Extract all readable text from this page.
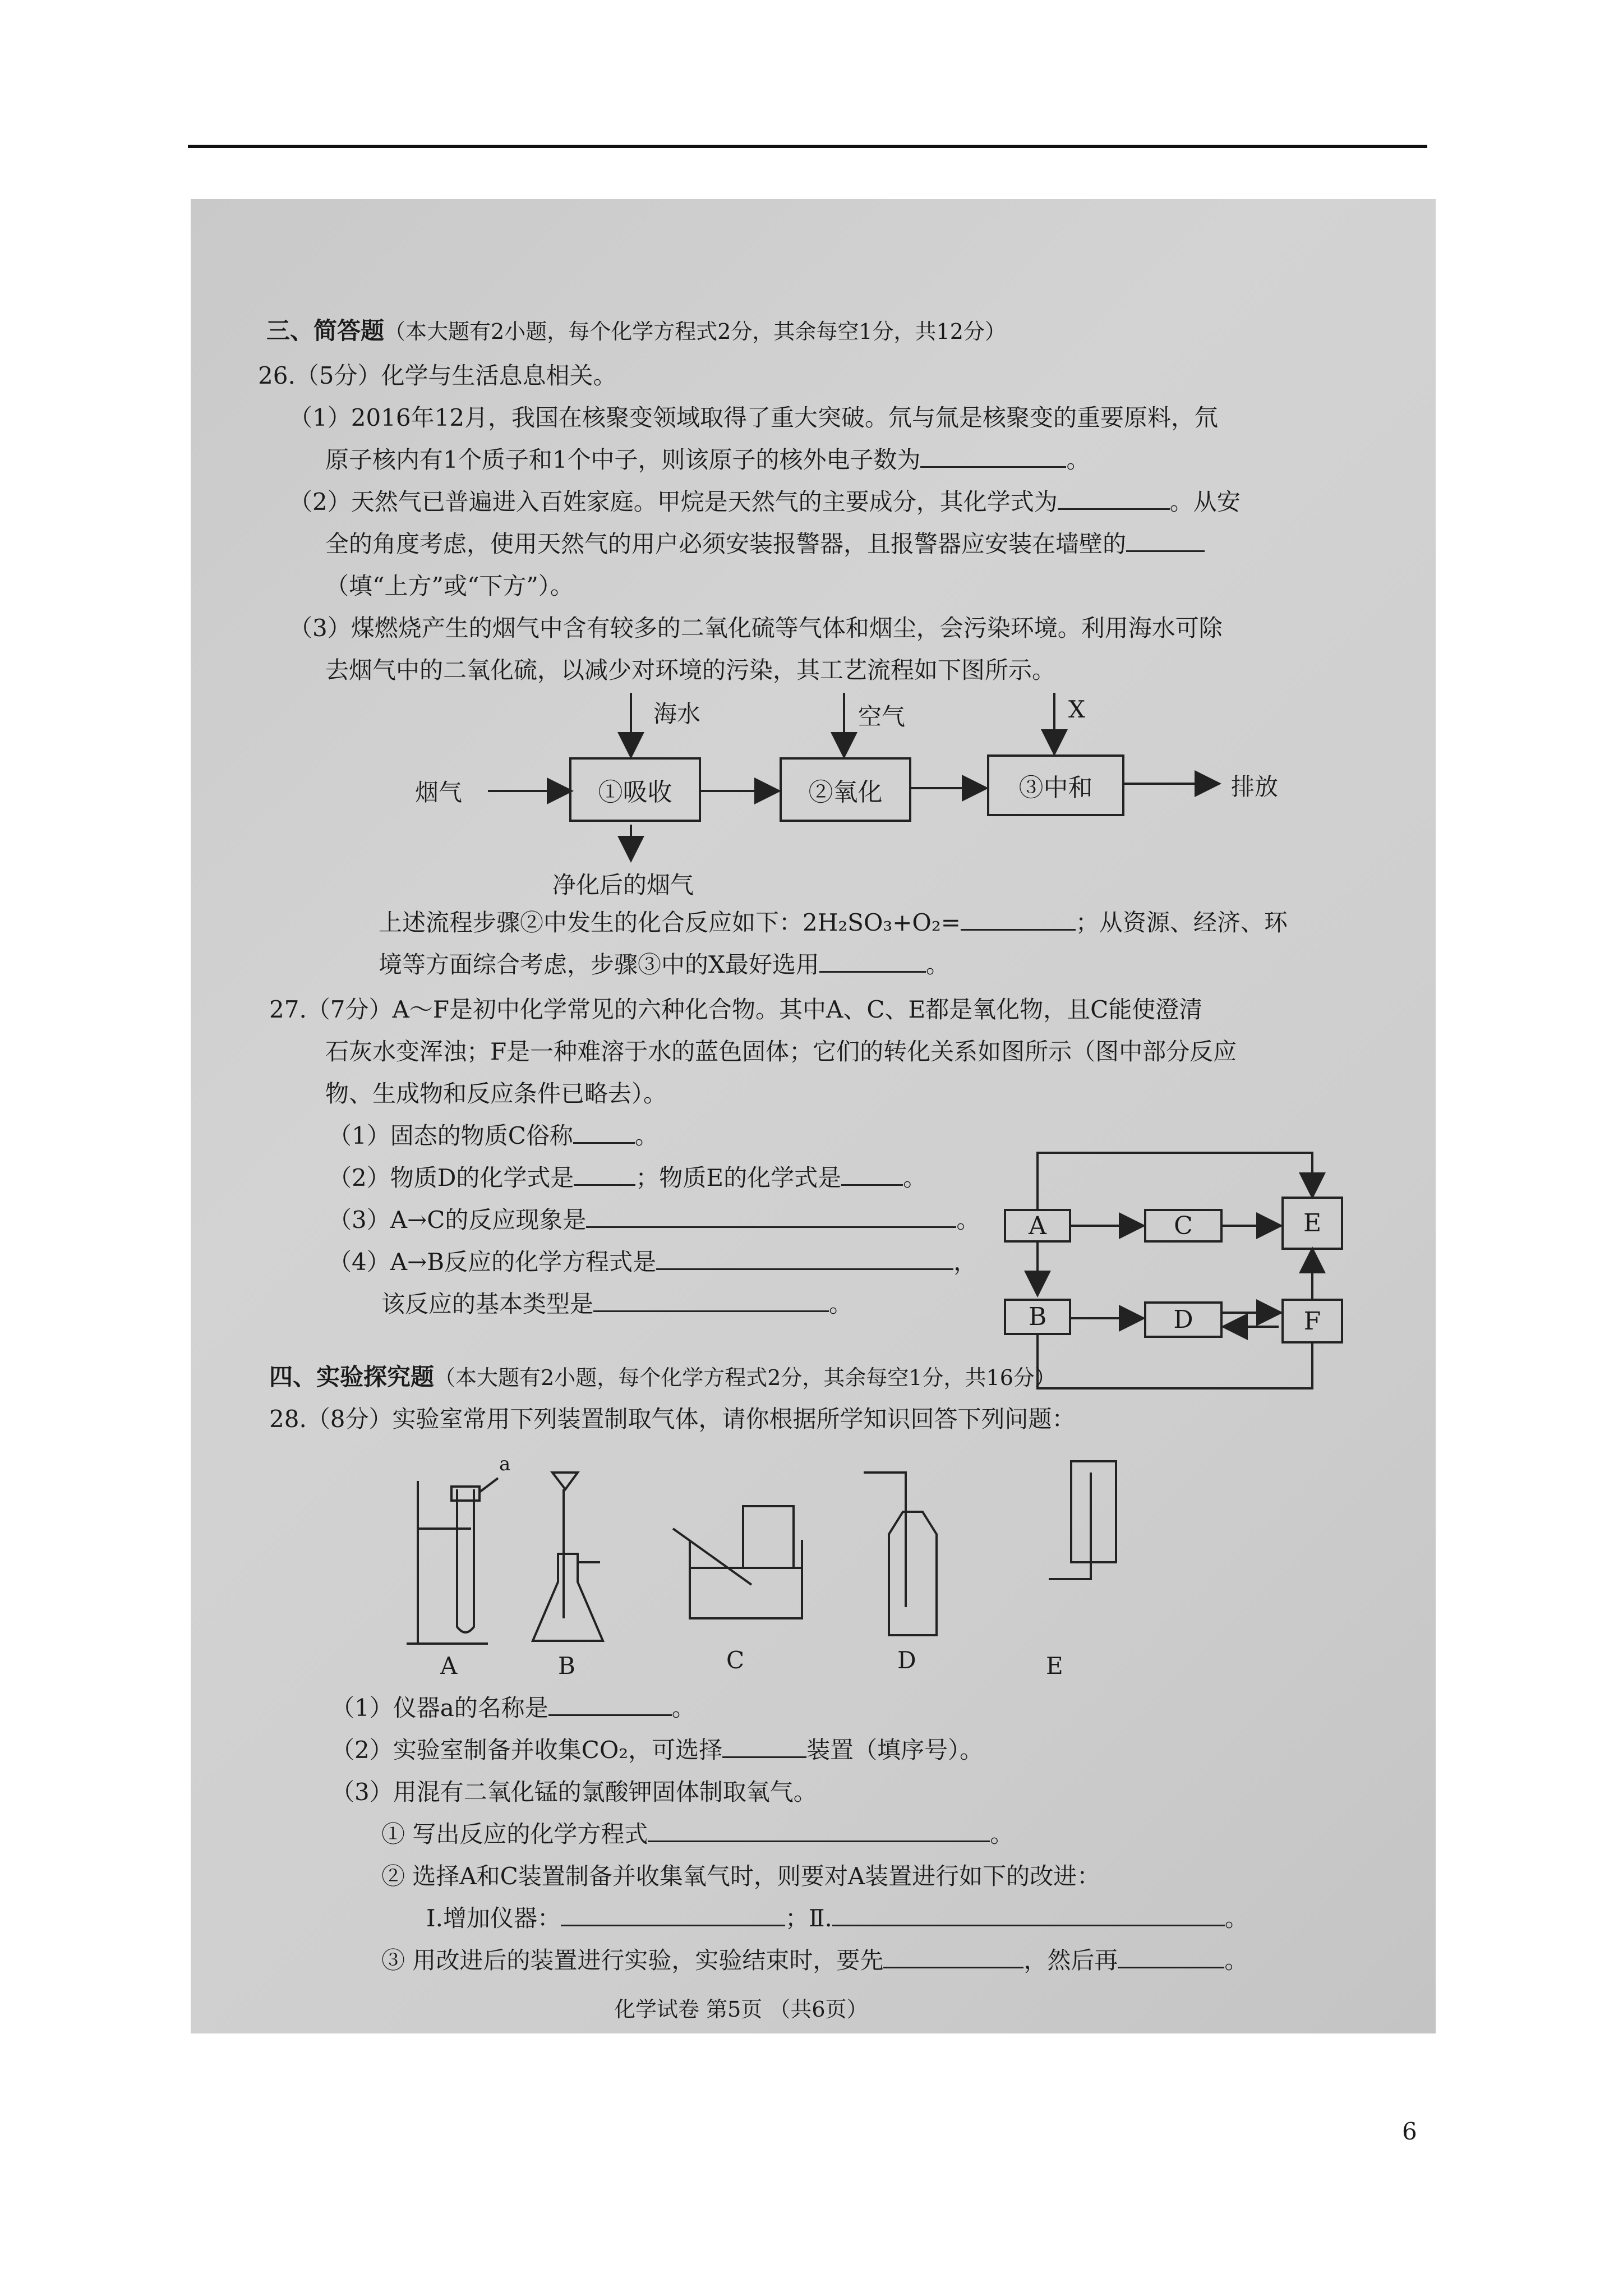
三、简答题（本大题有2小题，每个化学方程式2分，其余每空1分，共12分）
26.（5分）化学与生活息息相关。
（1）2016年12月，我国在核聚变领域取得了重大突破。氘与氚是核聚变的重要原料，氘
原子核内有1个质子和1个中子，则该原子的核外电子数为	。
（2）天然气已普遍进入百姓家庭。甲烷是天然气的主要成分，其化学式为	。从安
全的角度考虑，使用天然气的用户必须安装报警器，且报警器应安装在墙壁的
（填“上方”或“下方”）。
（3）煤燃烧产生的烟气中含有较多的二氧化硫等气体和烟尘，会污染环境。利用海水可除
去烟气中的二氧化硫，以减少对环境的污染，其工艺流程如下图所示。
海水	空气	X
烟气	①吸收	②氧化	③中和	排放
净化后的烟气
上述流程步骤②中发生的化合反应如下：2H₂SO₃+O₂=	；从资源、经济、环
境等方面综合考虑，步骤③中的X最好选用	。
27.（7分）A～F是初中化学常见的六种化合物。其中A、C、E都是氧化物，且C能使澄清
石灰水变浑浊；F是一种难溶于水的蓝色固体；它们的转化关系如图所示（图中部分反应
物、生成物和反应条件已略去）。
（1）固态的物质C俗称	。
（2）物质D的化学式是	；物质E的化学式是	。
（3）A→C的反应现象是	。
（4）A→B反应的化学方程式是	，
该反应的基本类型是	。
A	C	E
B	D	F
四、实验探究题（本大题有2小题，每个化学方程式2分，其余每空1分，共16分）
28.（8分）实验室常用下列装置制取气体，请你根据所学知识回答下列问题：
a
A	B	C	D	E
（1）仪器a的名称是	。
（2）实验室制备并收集CO₂，可选择	装置（填序号）。
（3）用混有二氧化锰的氯酸钾固体制取氧气。
① 写出反应的化学方程式	。
② 选择A和C装置制备并收集氧气时，则要对A装置进行如下的改进：
Ⅰ.增加仪器：	；Ⅱ.	。
③ 用改进后的装置进行实验，实验结束时，要先	，然后再	。
化学试卷 第5页 （共6页）
6
